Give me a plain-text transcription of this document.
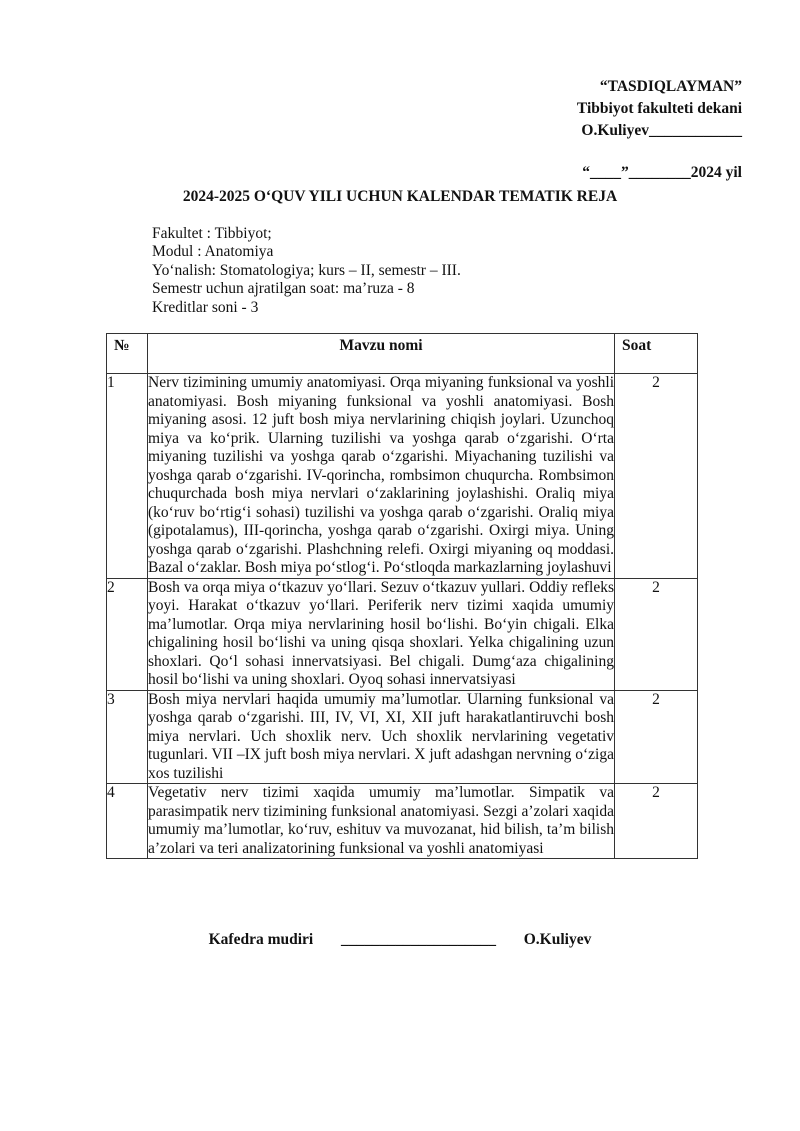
“TASDIQLAYMAN”
Tibbiyot fakulteti dekani
O.Kuliyev____________
“____”________2024 yil
2024-2025 O‘QUV YILI UCHUN KALENDAR TEMATIK REJA
Fakultet : Tibbiyot;
Modul : Anatomiya
Yo‘nalish: Stomatologiya; kurs – II, semestr – III.
Semestr uchun ajratilgan soat: ma’ruza - 8
Kreditlar soni - 3
№	Mavzu nomi	Soat
1	Nerv tizimining umumiy anatomiyasi. Orqa miyaning funksional va yoshli anatomiyasi. Bosh miyaning funksional va yoshli anatomiyasi. Bosh miyaning asosi. 12 juft bosh miya nervlarining chiqish joylari. Uzunchoq miya va ko‘prik. Ularning tuzilishi va yoshga qarab o‘zgarishi. O‘rta miyaning tuzilishi va yoshga qarab o‘zgarishi. Miyachaning tuzilishi va yoshga qarab o‘zgarishi. IV-qorincha, rombsimon chuqurcha. Rombsimon chuqurchada bosh miya nervlari o‘zaklarining joylashishi. Oraliq miya (ko‘ruv bo‘rtig‘i sohasi) tuzilishi va yoshga qarab o‘zgarishi. Oraliq miya (gipotalamus), III-qorincha, yoshga qarab o‘zgarishi. Oxirgi miya. Uning yoshga qarab o‘zgarishi. Plashchning relefi. Oxirgi miyaning oq moddasi. Bazal o‘zaklar. Bosh miya po‘stlog‘i. Po‘stloqda markazlarning joylashuvi	2
2	Bosh va orqa miya o‘tkazuv yo‘llari. Sezuv o‘tkazuv yullari. Oddiy refleks yoyi. Harakat o‘tkazuv yo‘llari. Periferik nerv tizimi xaqida umumiy ma’lumotlar. Orqa miya nervlarining hosil bo‘lishi. Bo‘yin chigali. Elka chigalining hosil bo‘lishi va uning qisqa shoxlari. Yelka chigalining uzun shoxlari. Qo‘l sohasi innervatsiyasi. Bel chigali. Dumg‘aza chigalining hosil bo‘lishi va uning shoxlari. Oyoq sohasi innervatsiyasi	2
3	Bosh miya nervlari haqida umumiy ma’lumotlar. Ularning funksional va yoshga qarab o‘zgarishi. III, IV, VI, XI, XII juft harakatlantiruvchi bosh miya nervlari. Uch shoxlik nerv. Uch shoxlik nervlarining vegetativ tugunlari. VII –IX juft bosh miya nervlari. X juft adashgan nervning o‘ziga xos tuzilishi	2
4	Vegetativ nerv tizimi xaqida umumiy ma’lumotlar. Simpatik va parasimpatik nerv tizimining funksional anatomiyasi. Sezgi a’zolari xaqida umumiy ma’lumotlar, ko‘ruv, eshituv va muvozanat, hid bilish, ta’m bilish a’zolari va teri analizatorining funksional va yoshli anatomiyasi	2
Kafedra mudiri ____________________ O.Kuliyev
